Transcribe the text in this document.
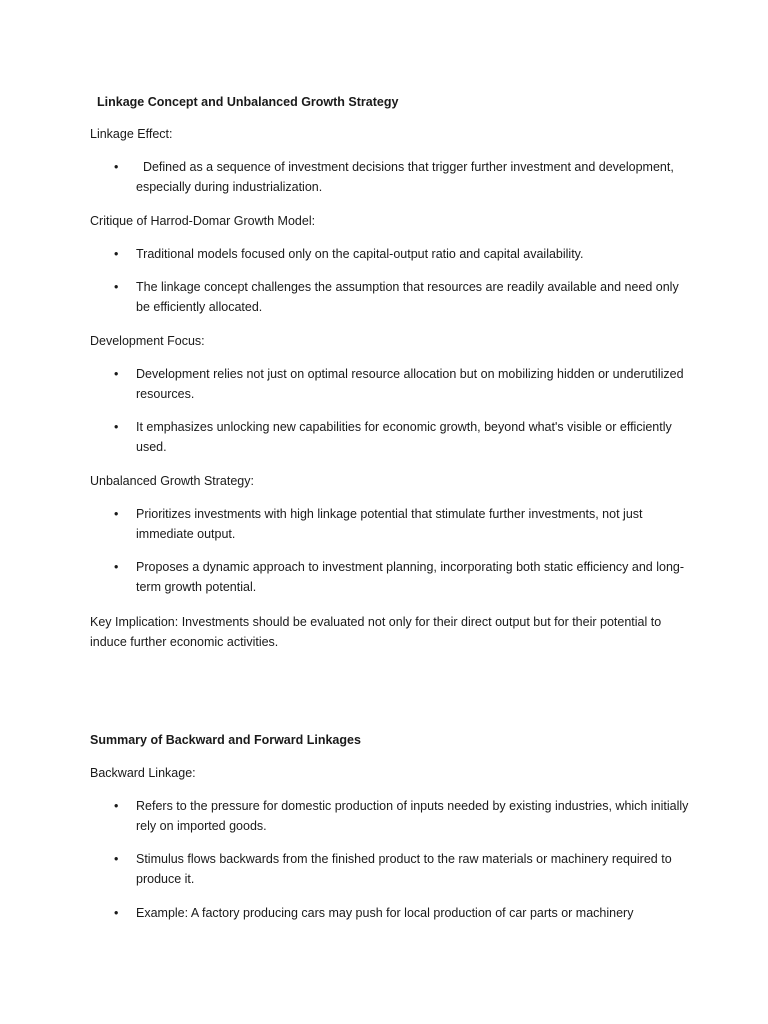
Linkage Concept and Unbalanced Growth Strategy

Linkage Effect:

• Defined as a sequence of investment decisions that trigger further investment and development, especially during industrialization.

Critique of Harrod-Domar Growth Model:

• Traditional models focused only on the capital-output ratio and capital availability.
• The linkage concept challenges the assumption that resources are readily available and need only be efficiently allocated.

Development Focus:

• Development relies not just on optimal resource allocation but on mobilizing hidden or underutilized resources.
• It emphasizes unlocking new capabilities for economic growth, beyond what's visible or efficiently used.

Unbalanced Growth Strategy:

• Prioritizes investments with high linkage potential that stimulate further investments, not just immediate output.
• Proposes a dynamic approach to investment planning, incorporating both static efficiency and long-term growth potential.

Key Implication: Investments should be evaluated not only for their direct output but for their potential to induce further economic activities.

Summary of Backward and Forward Linkages

Backward Linkage:

• Refers to the pressure for domestic production of inputs needed by existing industries, which initially rely on imported goods.
• Stimulus flows backwards from the finished product to the raw materials or machinery required to produce it.
• Example: A factory producing cars may push for local production of car parts or machinery
